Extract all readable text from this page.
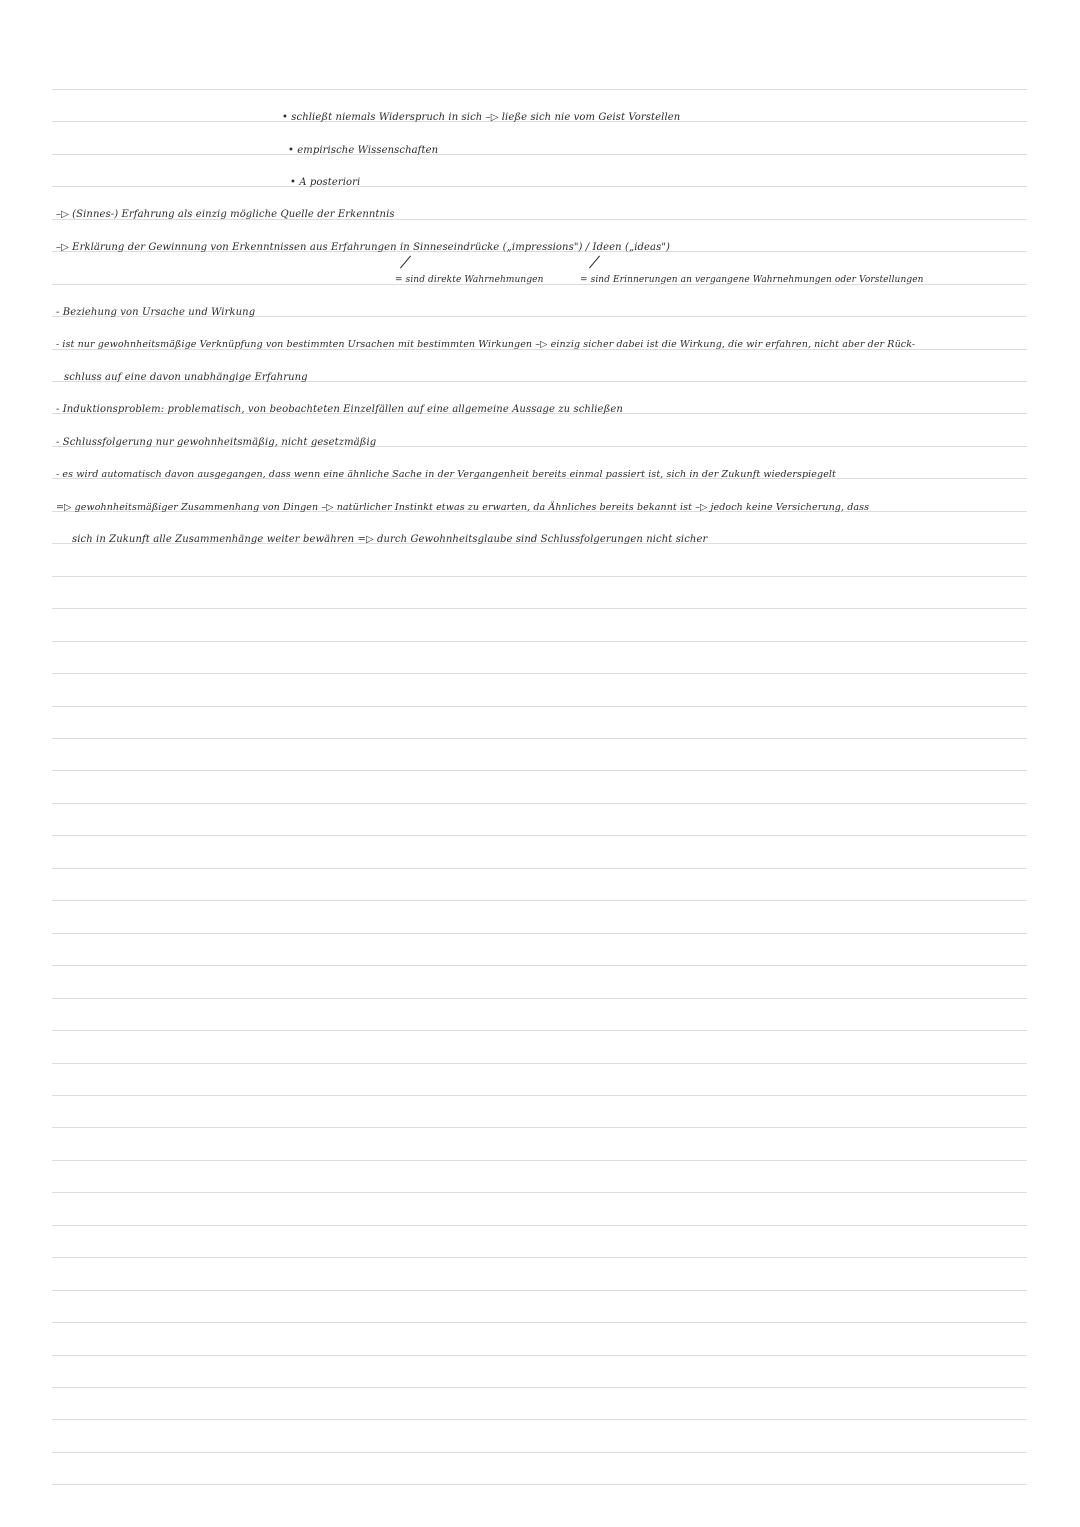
• schließt niemals Widerspruch in sich –▷ ließe sich nie vom Geist Vorstellen
• empirische Wissenschaften
• A posteriori
–▷ (Sinnes-) Erfahrung als einzig mögliche Quelle der Erkenntnis
–▷ Erklärung der Gewinnung von Erkenntnissen aus Erfahrungen in Sinneseindrücke („impressions") / Ideen („ideas")
= sind direkte Wahrnehmungen	= sind Erinnerungen an vergangene Wahrnehmungen oder Vorstellungen
- Beziehung von Ursache und Wirkung
- ist nur gewohnheitsmäßige Verknüpfung von bestimmten Ursachen mit bestimmten Wirkungen –▷ einzig sicher dabei ist die Wirkung, die wir erfahren, nicht aber der Rück-
schluss auf eine davon unabhängige Erfahrung
- Induktionsproblem: problematisch, von beobachteten Einzelfällen auf eine allgemeine Aussage zu schließen
- Schlussfolgerung nur gewohnheitsmäßig, nicht gesetzmäßig
- es wird automatisch davon ausgegangen, dass wenn eine ähnliche Sache in der Vergangenheit bereits einmal passiert ist, sich in der Zukunft wiederspiegelt
=▷ gewohnheitsmäßiger Zusammenhang von Dingen –▷ natürlicher Instinkt etwas zu erwarten, da Ähnliches bereits bekannt ist –▷ jedoch keine Versicherung, dass
sich in Zukunft alle Zusammenhänge weiter bewähren =▷ durch Gewohnheitsglaube sind Schlussfolgerungen nicht sicher
